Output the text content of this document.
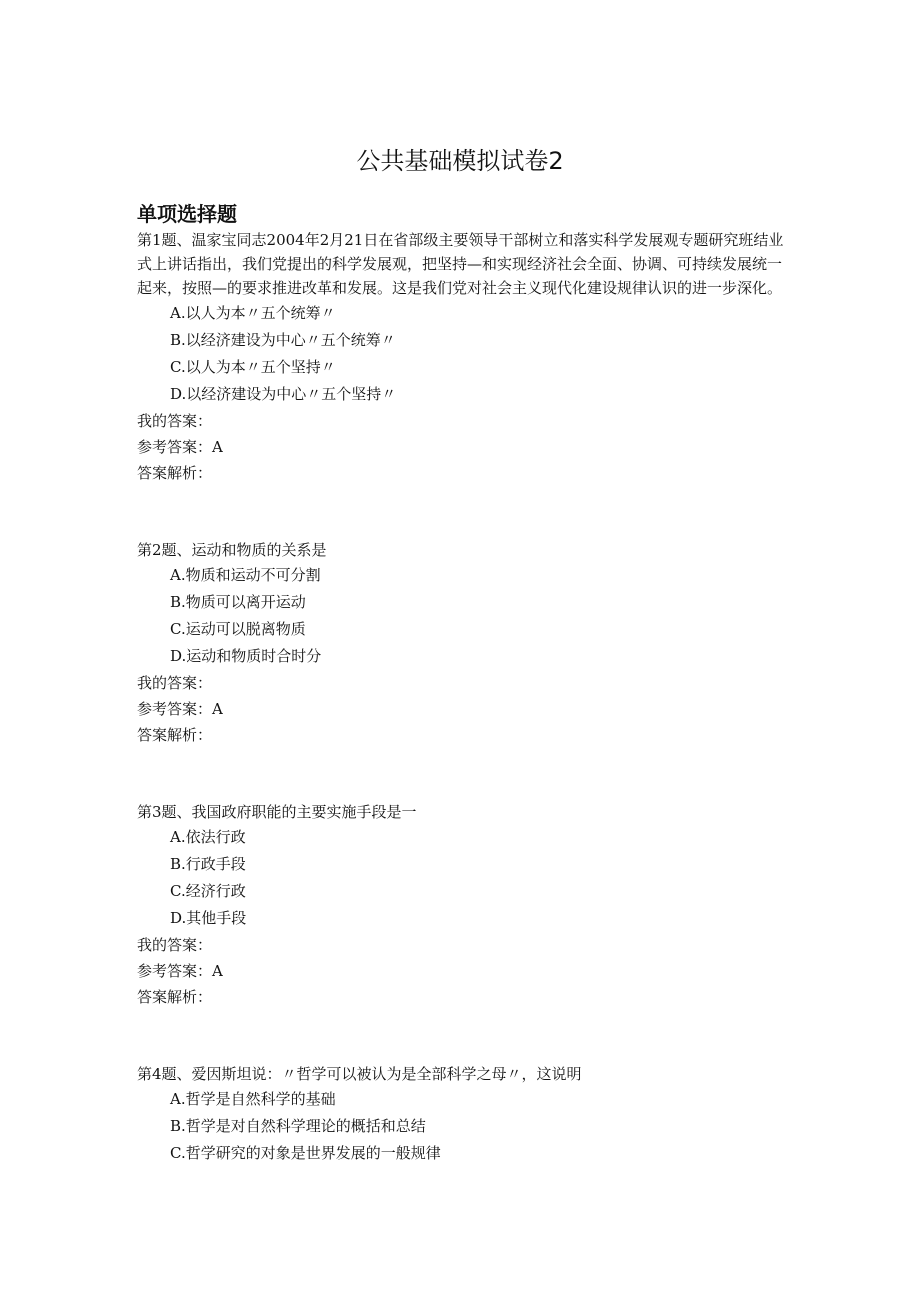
公共基础模拟试卷2
单项选择题

第1题、温家宝同志2004年2月21日在省部级主要领导干部树立和落实科学发展观专题研究班结业式上讲话指出，我们党提出的科学发展观，把坚持—和实现经济社会全面、协调、可持续发展统一起来，按照—的要求推进改革和发展。这是我们党对社会主义现代化建设规律认识的进一步深化。

A.以人为本〃五个统筹〃
B.以经济建设为中心〃五个统筹〃
C.以人为本〃五个坚持〃
D.以经济建设为中心〃五个坚持〃
我的答案：
参考答案：A
答案解析：

第2题、运动和物质的关系是

A.物质和运动不可分割
B.物质可以离开运动
C.运动可以脱离物质
D.运动和物质时合时分
我的答案：
参考答案：A
答案解析：

第3题、我国政府职能的主要实施手段是一

A.依法行政
B.行政手段
C.经济行政
D.其他手段
我的答案：
参考答案：A
答案解析：

第4题、爱因斯坦说：〃哲学可以被认为是全部科学之母〃，这说明

A.哲学是自然科学的基础
B.哲学是对自然科学理论的概括和总结
C.哲学研究的对象是世界发展的一般规律
